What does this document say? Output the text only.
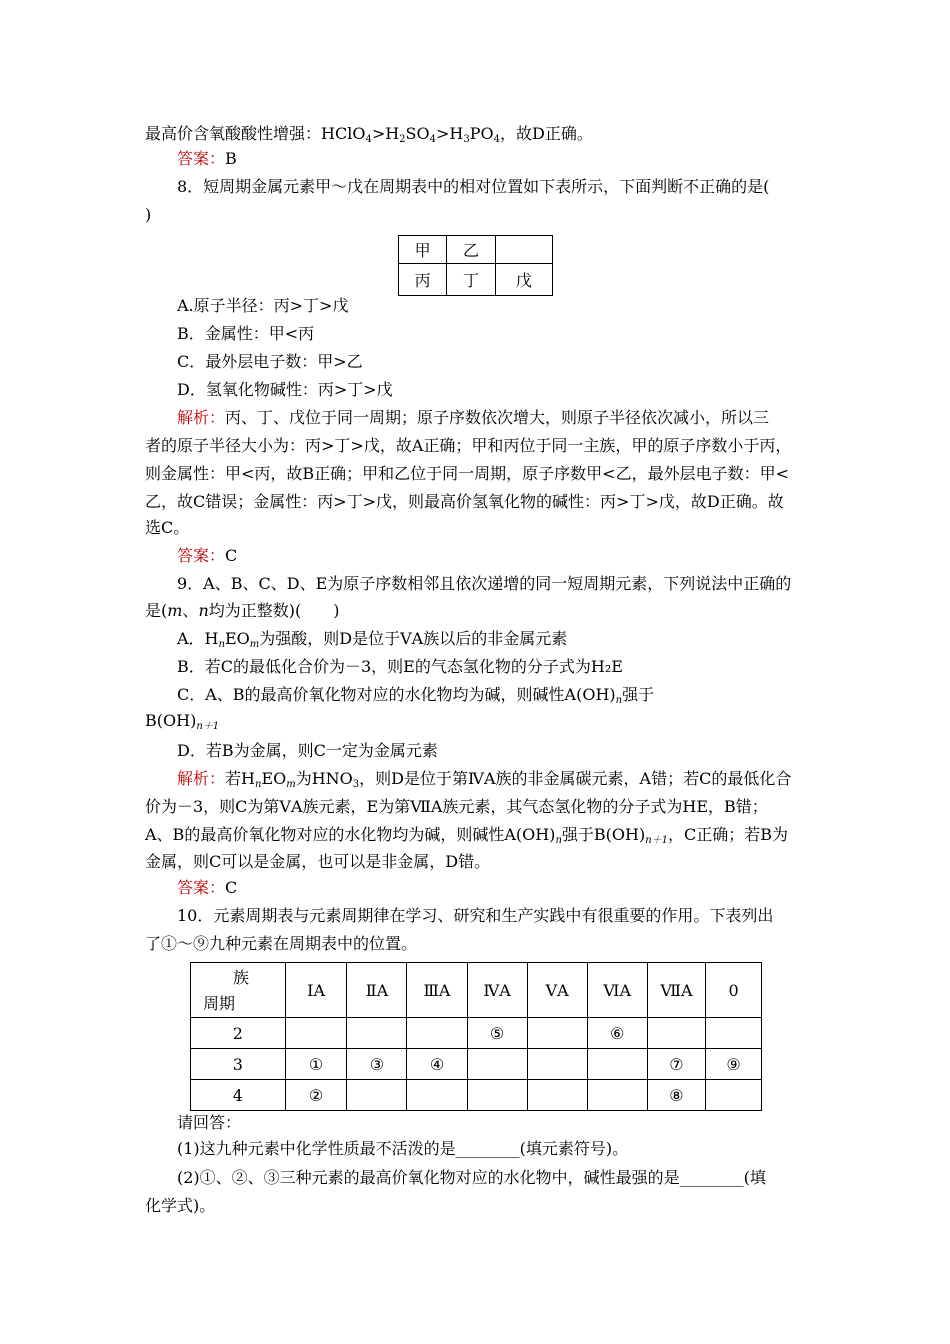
最高价含氧酸酸性增强：$HClO_4>H_2SO_4>H_3PO_4$，故D正确。
答案：B
8．短周期金属元素甲～戊在周期表中的相对位置如下表所示，下面判断不正确的是(
)
甲	乙	
丙	丁	戊
A.原子半径：丙>丁>戊
B．金属性：甲<丙
C．最外层电子数：甲>乙
D．氢氧化物碱性：丙>丁>戊
解析：丙、丁、戊位于同一周期；原子序数依次增大，则原子半径依次减小，所以三
者的原子半径大小为：丙>丁>戊，故A正确；甲和丙位于同一主族，甲的原子序数小于丙，
则金属性：甲<丙，故B正确；甲和乙位于同一周期，原子序数甲<乙，最外层电子数：甲<
乙，故C错误；金属性：丙>丁>戊，则最高价氢氧化物的碱性：丙>丁>戊，故D正确。故
选C。
答案：C
9．A、B、C、D、E为原子序数相邻且依次递增的同一短周期元素，下列说法中正确的
是(m、n均为正整数)(　　)
A．$H_nEO_m$为强酸，则D是位于ⅤA族以后的非金属元素
B．若C的最低化合价为－3，则E的气态氢化物的分子式为H₂E
C．A、B的最高价氧化物对应的水化物均为碱，则碱性$A(OH)_n$强于
$B(OH)_{n+1}$
D．若B为金属，则C一定为金属元素
解析：若$H_nEO_m$为$HNO_3$，则D是位于第ⅣA族的非金属碳元素，A错；若C的最低化合
价为－3，则C为第ⅤA族元素，E为第ⅦA族元素，其气态氢化物的分子式为HE，B错；
A、B的最高价氧化物对应的水化物均为碱，则碱性$A(OH)_n$强于$B(OH)_{n+1}$，C正确；若B为
金属，则C可以是金属，也可以是非金属，D错。
答案：C
10．元素周期表与元素周期律在学习、研究和生产实践中有很重要的作用。下表列出
了①～⑨九种元素在周期表中的位置。
族
周期	ⅠA	ⅡA	ⅢA	ⅣA	ⅤA	ⅥA	ⅦA	0
2				⑤		⑥		
3	①	③	④				⑦	⑨
4	②						⑧	
请回答：
(1)这九种元素中化学性质最不活泼的是________(填元素符号)。
(2)①、②、③三种元素的最高价氧化物对应的水化物中，碱性最强的是________(填
化学式)。
